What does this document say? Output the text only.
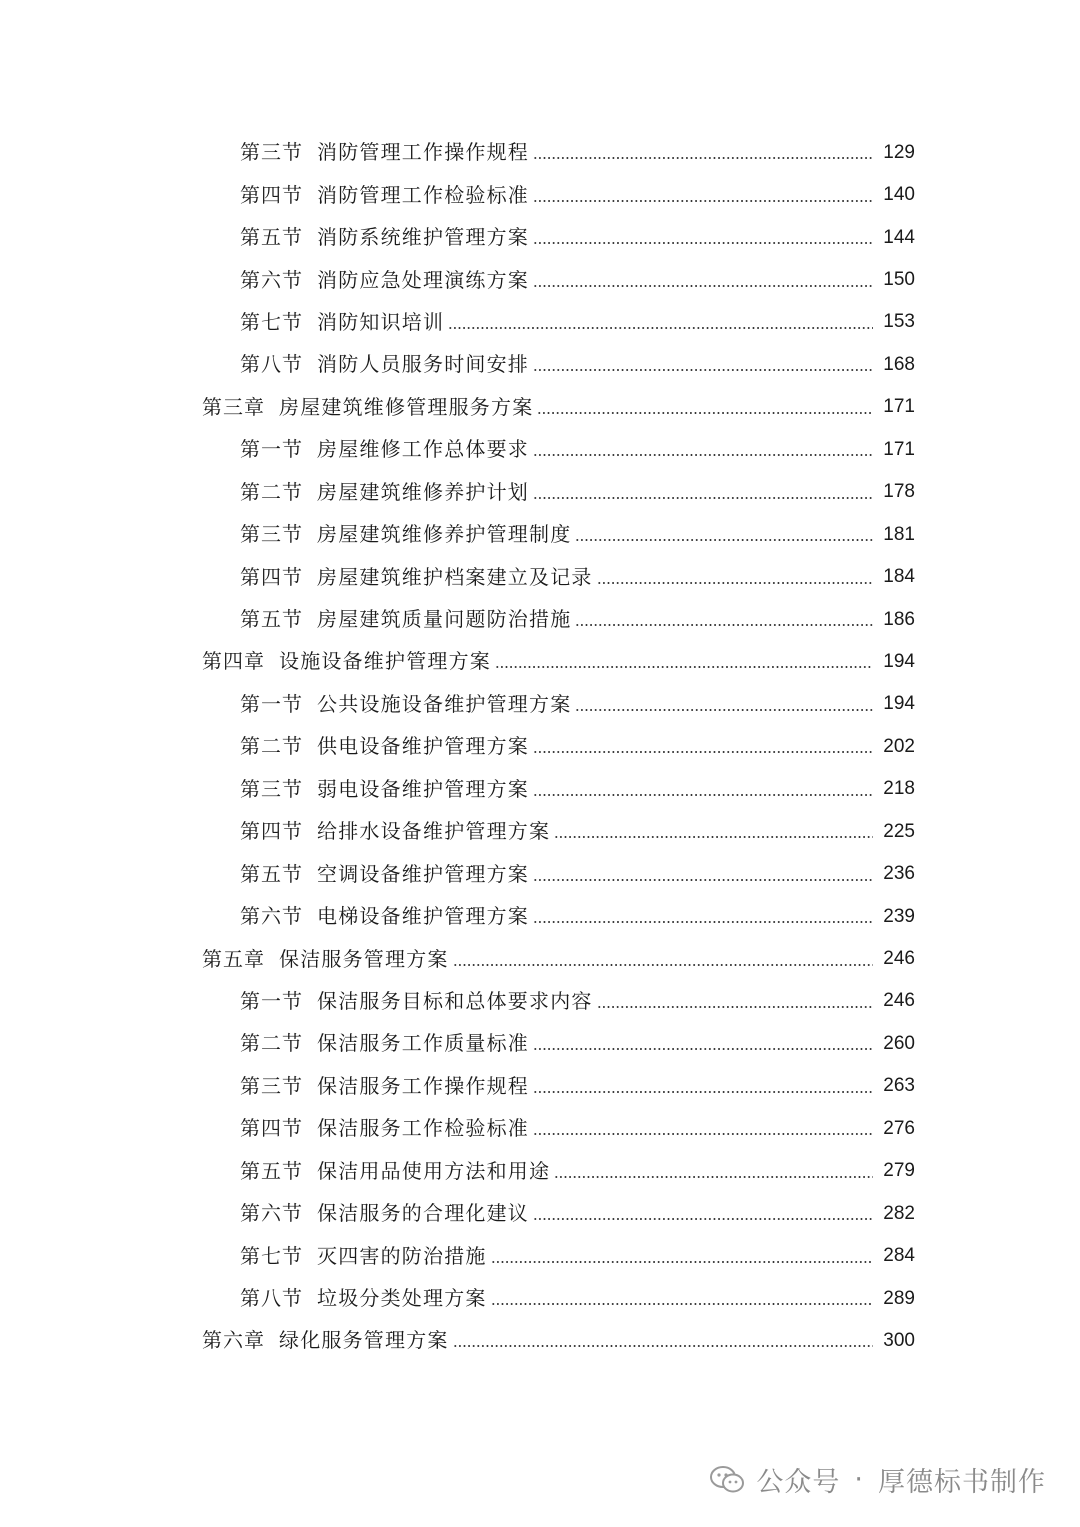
第三节 消防管理工作操作规程	129
第四节 消防管理工作检验标准	140
第五节 消防系统维护管理方案	144
第六节 消防应急处理演练方案	150
第七节 消防知识培训	153
第八节 消防人员服务时间安排	168
第三章 房屋建筑维修管理服务方案	171
第一节 房屋维修工作总体要求	171
第二节 房屋建筑维修养护计划	178
第三节 房屋建筑维修养护管理制度	181
第四节 房屋建筑维护档案建立及记录	184
第五节 房屋建筑质量问题防治措施	186
第四章 设施设备维护管理方案	194
第一节 公共设施设备维护管理方案	194
第二节 供电设备维护管理方案	202
第三节 弱电设备维护管理方案	218
第四节 给排水设备维护管理方案	225
第五节 空调设备维护管理方案	236
第六节 电梯设备维护管理方案	239
第五章 保洁服务管理方案	246
第一节 保洁服务目标和总体要求内容	246
第二节 保洁服务工作质量标准	260
第三节 保洁服务工作操作规程	263
第四节 保洁服务工作检验标准	276
第五节 保洁用品使用方法和用途	279
第六节 保洁服务的合理化建议	282
第七节 灭四害的防治措施	284
第八节 垃圾分类处理方案	289
第六章 绿化服务管理方案	300
公众号 · 厚德标书制作
